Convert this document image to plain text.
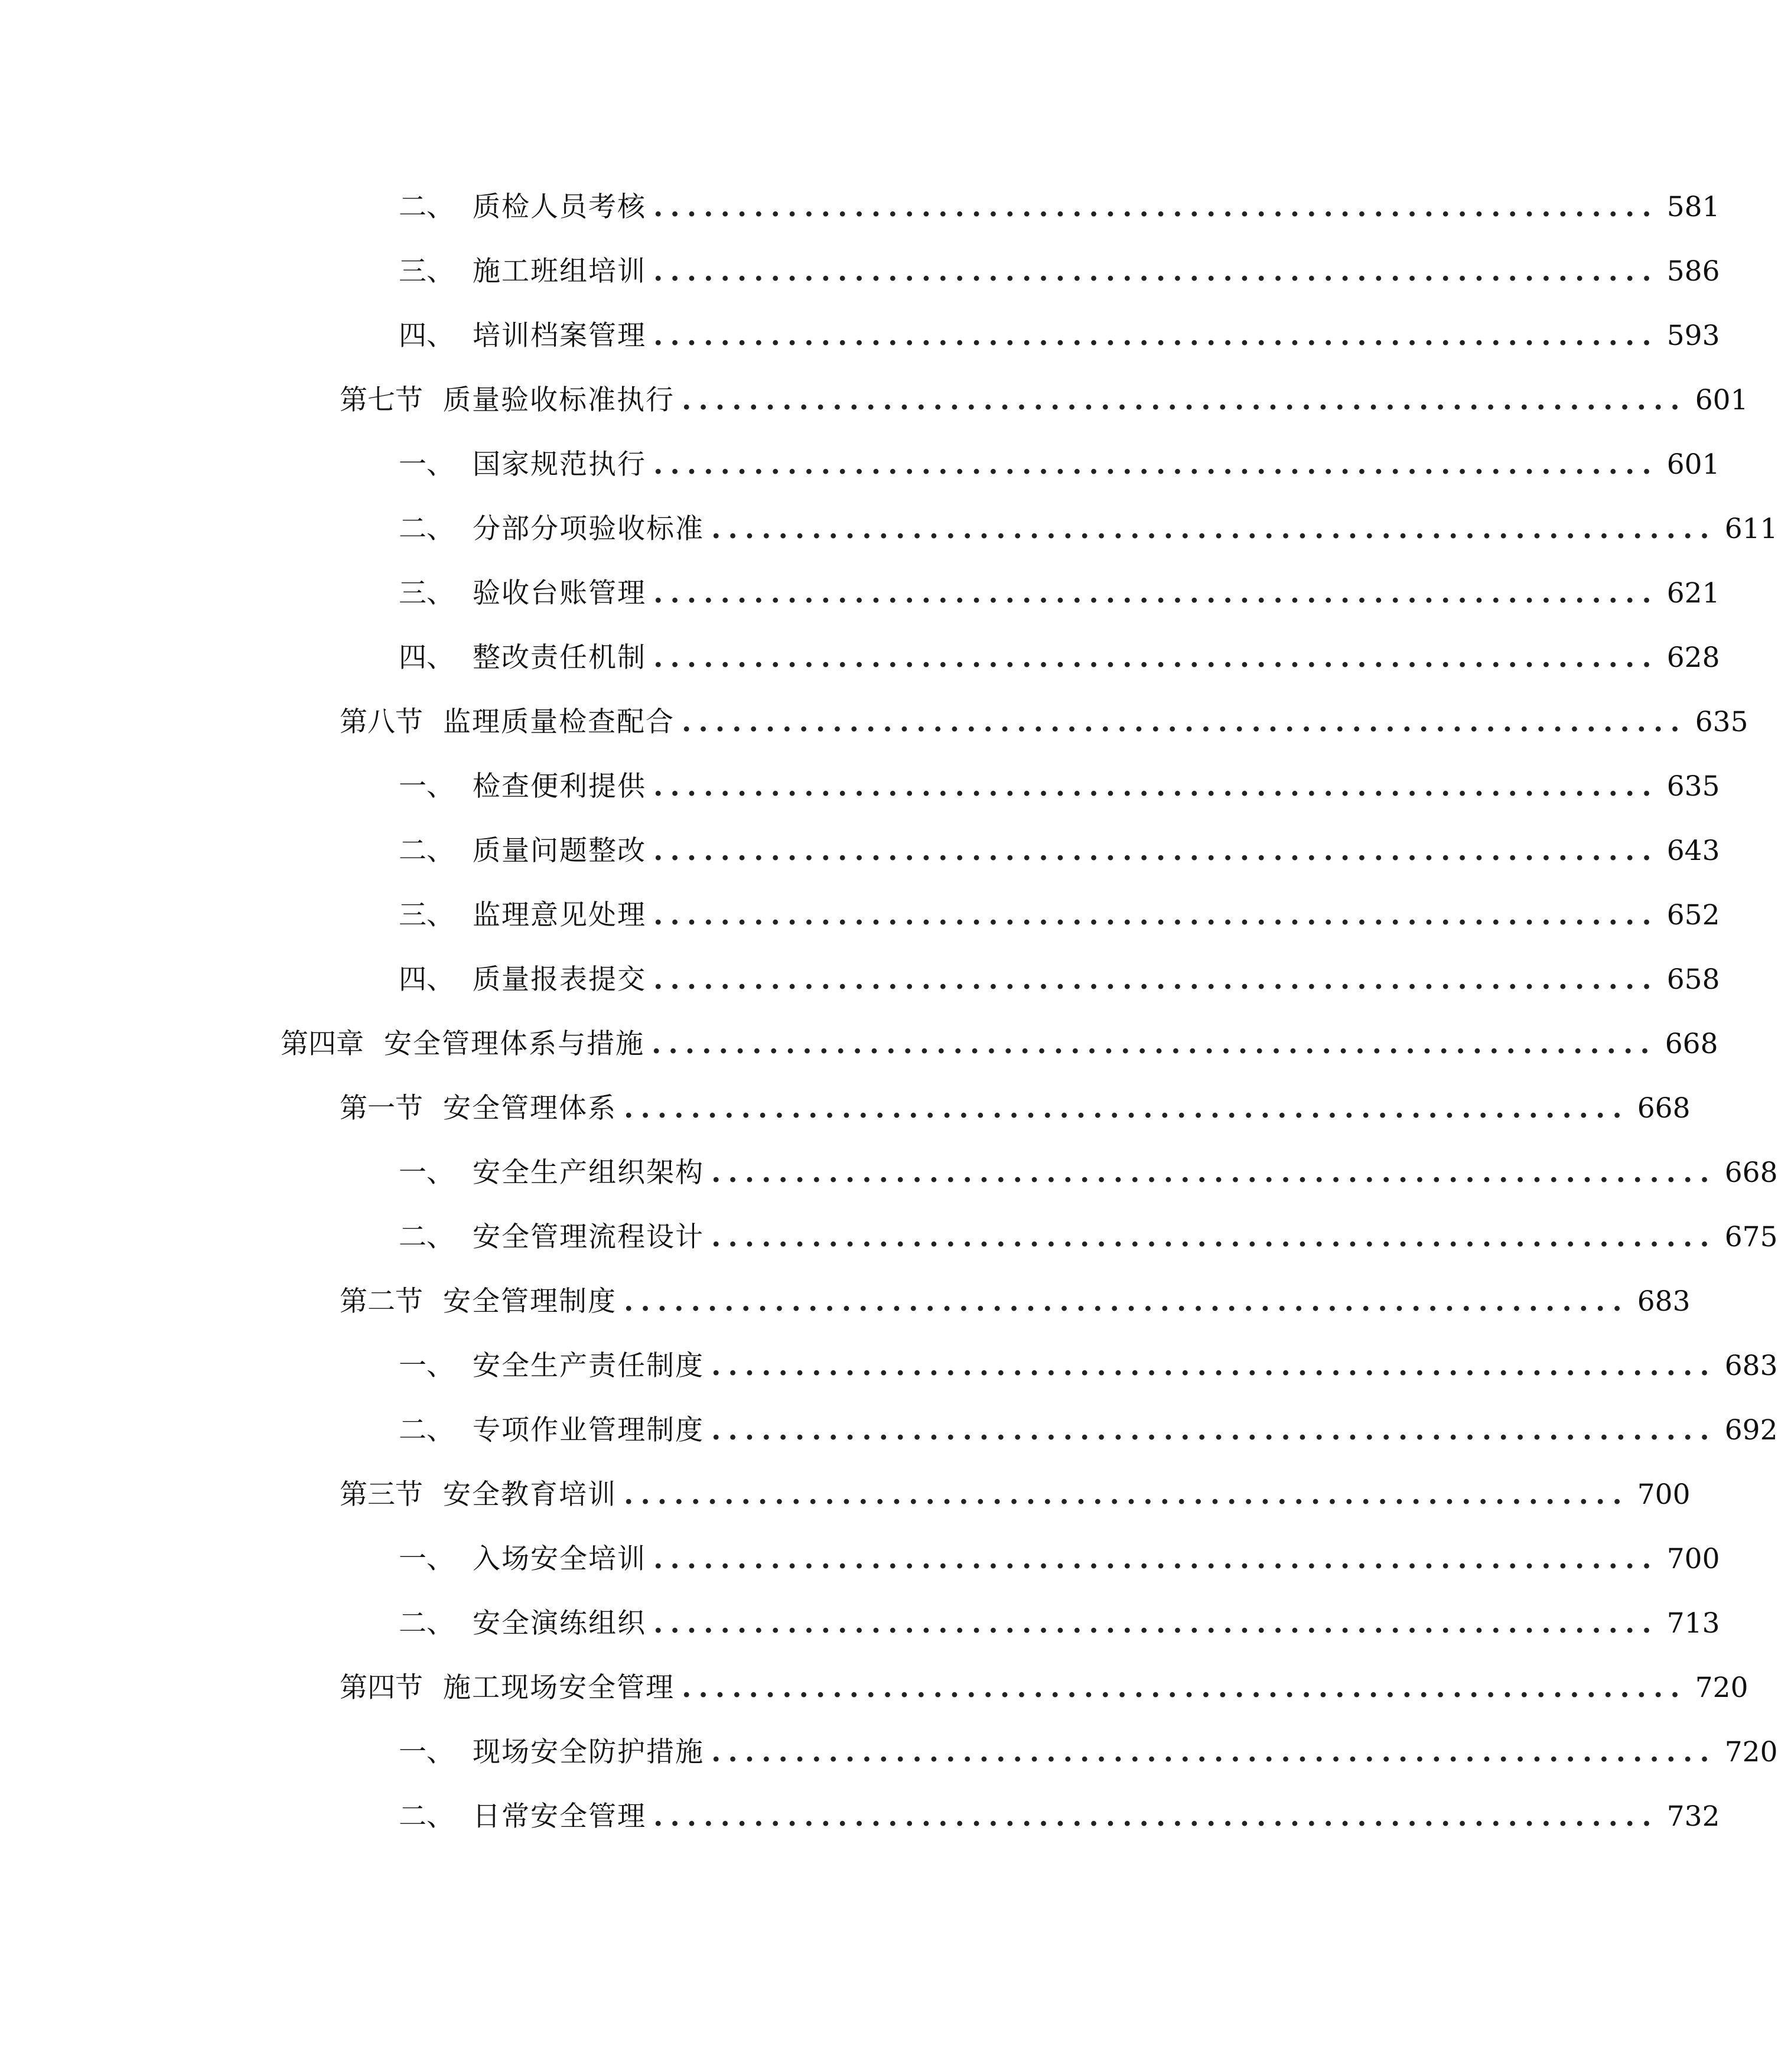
二、 质检人员考核 ............................................................ 581
三、 施工班组培训 ............................................................ 586
四、 培训档案管理 ............................................................ 593
第七节 质量验收标准执行 ............................................................ 601
一、 国家规范执行 ............................................................ 601
二、 分部分项验收标准 ............................................................ 611
三、 验收台账管理 ............................................................ 621
四、 整改责任机制 ............................................................ 628
第八节 监理质量检查配合 ............................................................ 635
一、 检查便利提供 ............................................................ 635
二、 质量问题整改 ............................................................ 643
三、 监理意见处理 ............................................................ 652
四、 质量报表提交 ............................................................ 658
第四章 安全管理体系与措施 ............................................................ 668
第一节 安全管理体系 ............................................................ 668
一、 安全生产组织架构 ............................................................ 668
二、 安全管理流程设计 ............................................................ 675
第二节 安全管理制度 ............................................................ 683
一、 安全生产责任制度 ............................................................ 683
二、 专项作业管理制度 ............................................................ 692
第三节 安全教育培训 ............................................................ 700
一、 入场安全培训 ............................................................ 700
二、 安全演练组织 ............................................................ 713
第四节 施工现场安全管理 ............................................................ 720
一、 现场安全防护措施 ............................................................ 720
二、 日常安全管理 ............................................................ 732
